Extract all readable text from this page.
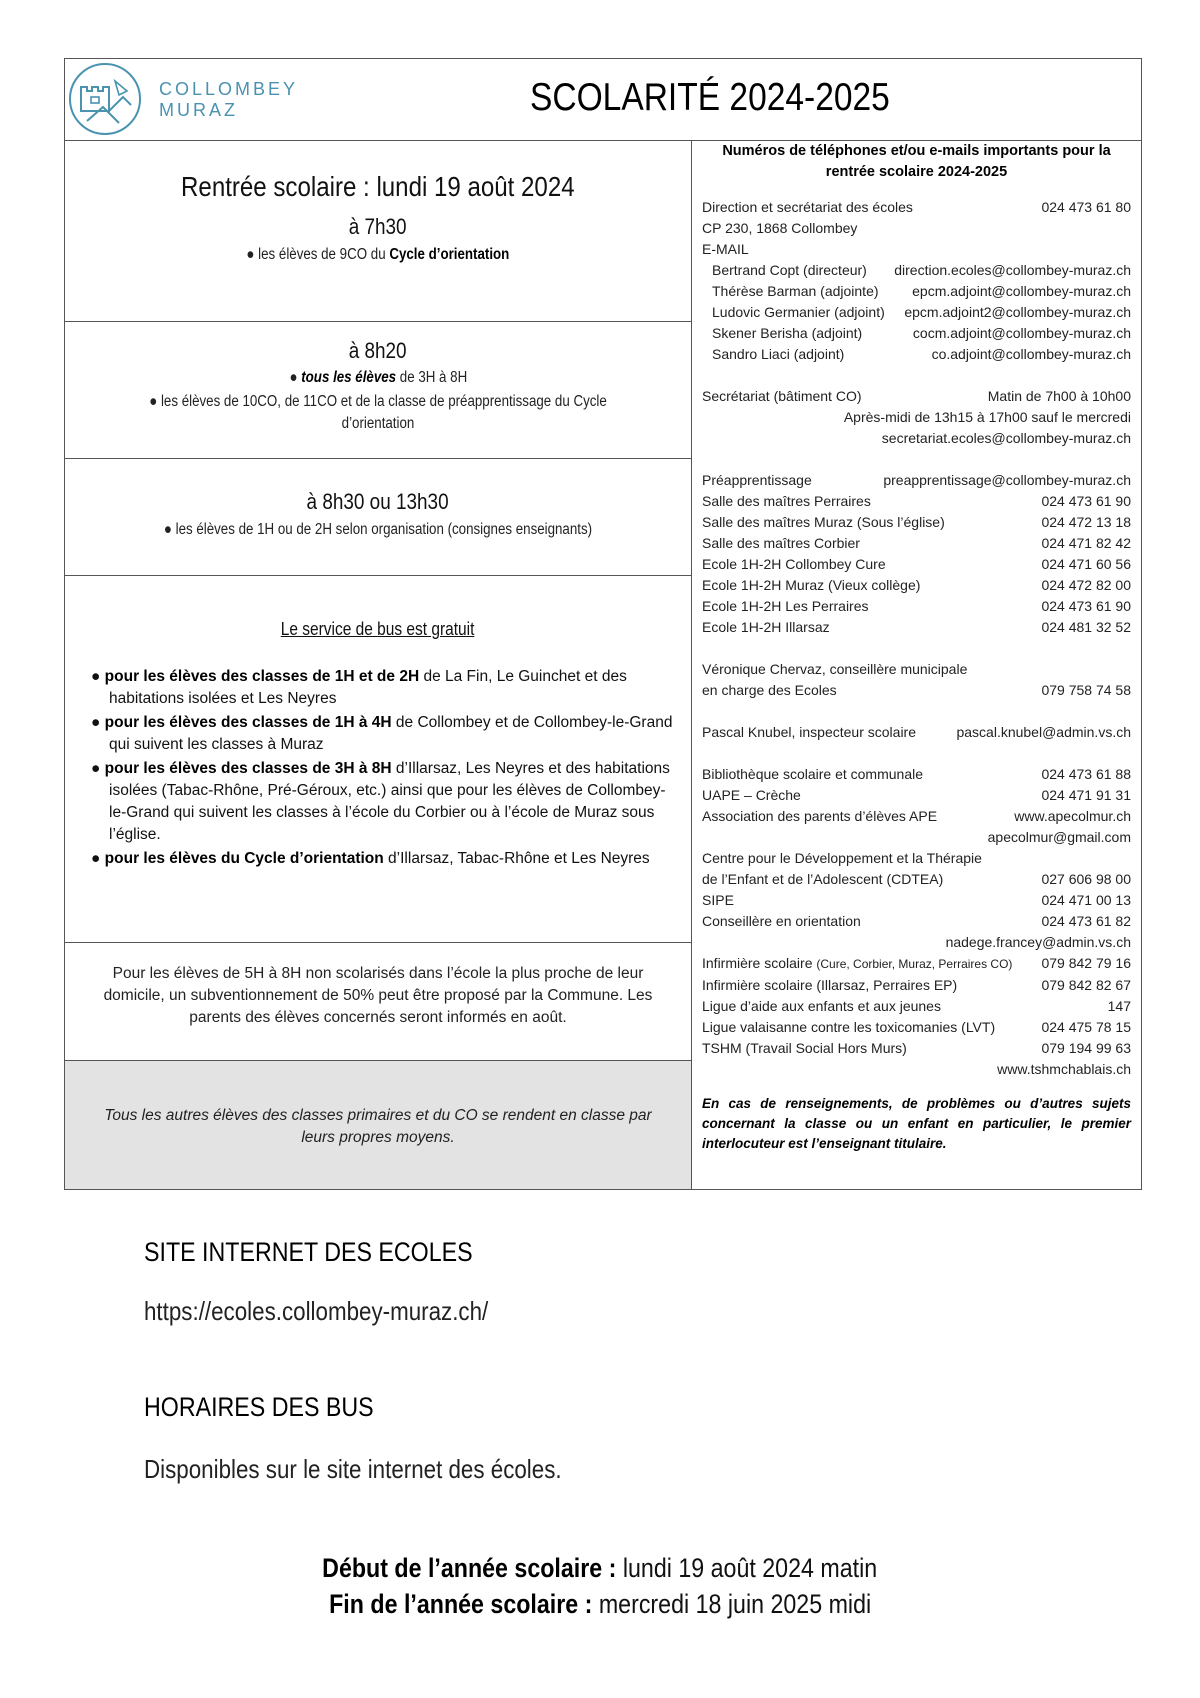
COLLOMBEY
MURAZ	SCOLARITÉ 2024-2025
Rentrée scolaire : lundi 19 août 2024
à 7h30
● les élèves de 9CO du Cycle d’orientation
à 8h20
● tous les élèves de 3H à 8H
● les élèves de 10CO, de 11CO et de la classe de préapprentissage du Cycle d’orientation
à 8h30 ou 13h30
● les élèves de 1H ou de 2H selon organisation (consignes enseignants)
Le service de bus est gratuit
● pour les élèves des classes de 1H et de 2H de La Fin, Le Guinchet et des habitations isolées et Les Neyres
● pour les élèves des classes de 1H à 4H de Collombey et de Collombey-le-Grand qui suivent les classes à Muraz
● pour les élèves des classes de 3H à 8H d’Illarsaz, Les Neyres et des habitations isolées (Tabac-Rhône, Pré-Géroux, etc.) ainsi que pour les élèves de Collombey-le-Grand qui suivent les classes à l’école du Corbier ou à l’école de Muraz sous l’église.
● pour les élèves du Cycle d’orientation d’Illarsaz, Tabac-Rhône et Les Neyres
Pour les élèves de 5H à 8H non scolarisés dans l’école la plus proche de leur domicile, un subventionnement de 50% peut être proposé par la Commune. Les parents des élèves concernés seront informés en août.
Tous les autres élèves des classes primaires et du CO se rendent en classe par leurs propres moyens.
Numéros de téléphones et/ou e-mails importants pour la rentrée scolaire 2024-2025
Direction et secrétariat des écoles	024 473 61 80
CP 230, 1868 Collombey
E-MAIL
Bertrand Copt (directeur) direction.ecoles@collombey-muraz.ch
Thérèse Barman (adjointe) epcm.adjoint@collombey-muraz.ch
Ludovic Germanier (adjoint) epcm.adjoint2@collombey-muraz.ch
Skener Berisha (adjoint)	cocm.adjoint@collombey-muraz.ch
Sandro Liaci (adjoint)	co.adjoint@collombey-muraz.ch
Secrétariat (bâtiment CO)	Matin de 7h00 à 10h00
Après-midi de 13h15 à 17h00 sauf le mercredi
secretariat.ecoles@collombey-muraz.ch
Préapprentissage	preapprentissage@collombey-muraz.ch
Salle des maîtres Perraires	024 473 61 90
Salle des maîtres Muraz (Sous l’église)	024 472 13 18
Salle des maîtres Corbier	024 471 82 42
Ecole 1H-2H Collombey Cure	024 471 60 56
Ecole 1H-2H Muraz (Vieux collège)	024 472 82 00
Ecole 1H-2H Les Perraires	024 473 61 90
Ecole 1H-2H Illarsaz	024 481 32 52
Véronique Chervaz, conseillère municipale
en charge des Ecoles	079 758 74 58
Pascal Knubel, inspecteur scolaire	pascal.knubel@admin.vs.ch
Bibliothèque scolaire et communale	024 473 61 88
UAPE – Crèche	024 471 91 31
Association des parents d’élèves APE	www.apecolmur.ch
apecolmur@gmail.com
Centre pour le Développement et la Thérapie
de l’Enfant et de l’Adolescent (CDTEA)	027 606 98 00
SIPE	024 471 00 13
Conseillère en orientation	024 473 61 82
nadege.francey@admin.vs.ch
Infirmière scolaire (Cure, Corbier, Muraz, Perraires CO) 079 842 79 16
Infirmière scolaire (Illarsaz, Perraires EP)	079 842 82 67
Ligue d’aide aux enfants et aux jeunes	147
Ligue valaisanne contre les toxicomanies (LVT)	024 475 78 15
TSHM (Travail Social Hors Murs)	079 194 99 63
www.tshmchablais.ch
En cas de renseignements, de problèmes ou d’autres sujets concernant la classe ou un enfant en particulier, le premier interlocuteur est l’enseignant titulaire.
SITE INTERNET DES ECOLES
https://ecoles.collombey-muraz.ch/
HORAIRES DES BUS
Disponibles sur le site internet des écoles.
Début de l’année scolaire : lundi 19 août 2024 matin
Fin de l’année scolaire : mercredi 18 juin 2025 midi
